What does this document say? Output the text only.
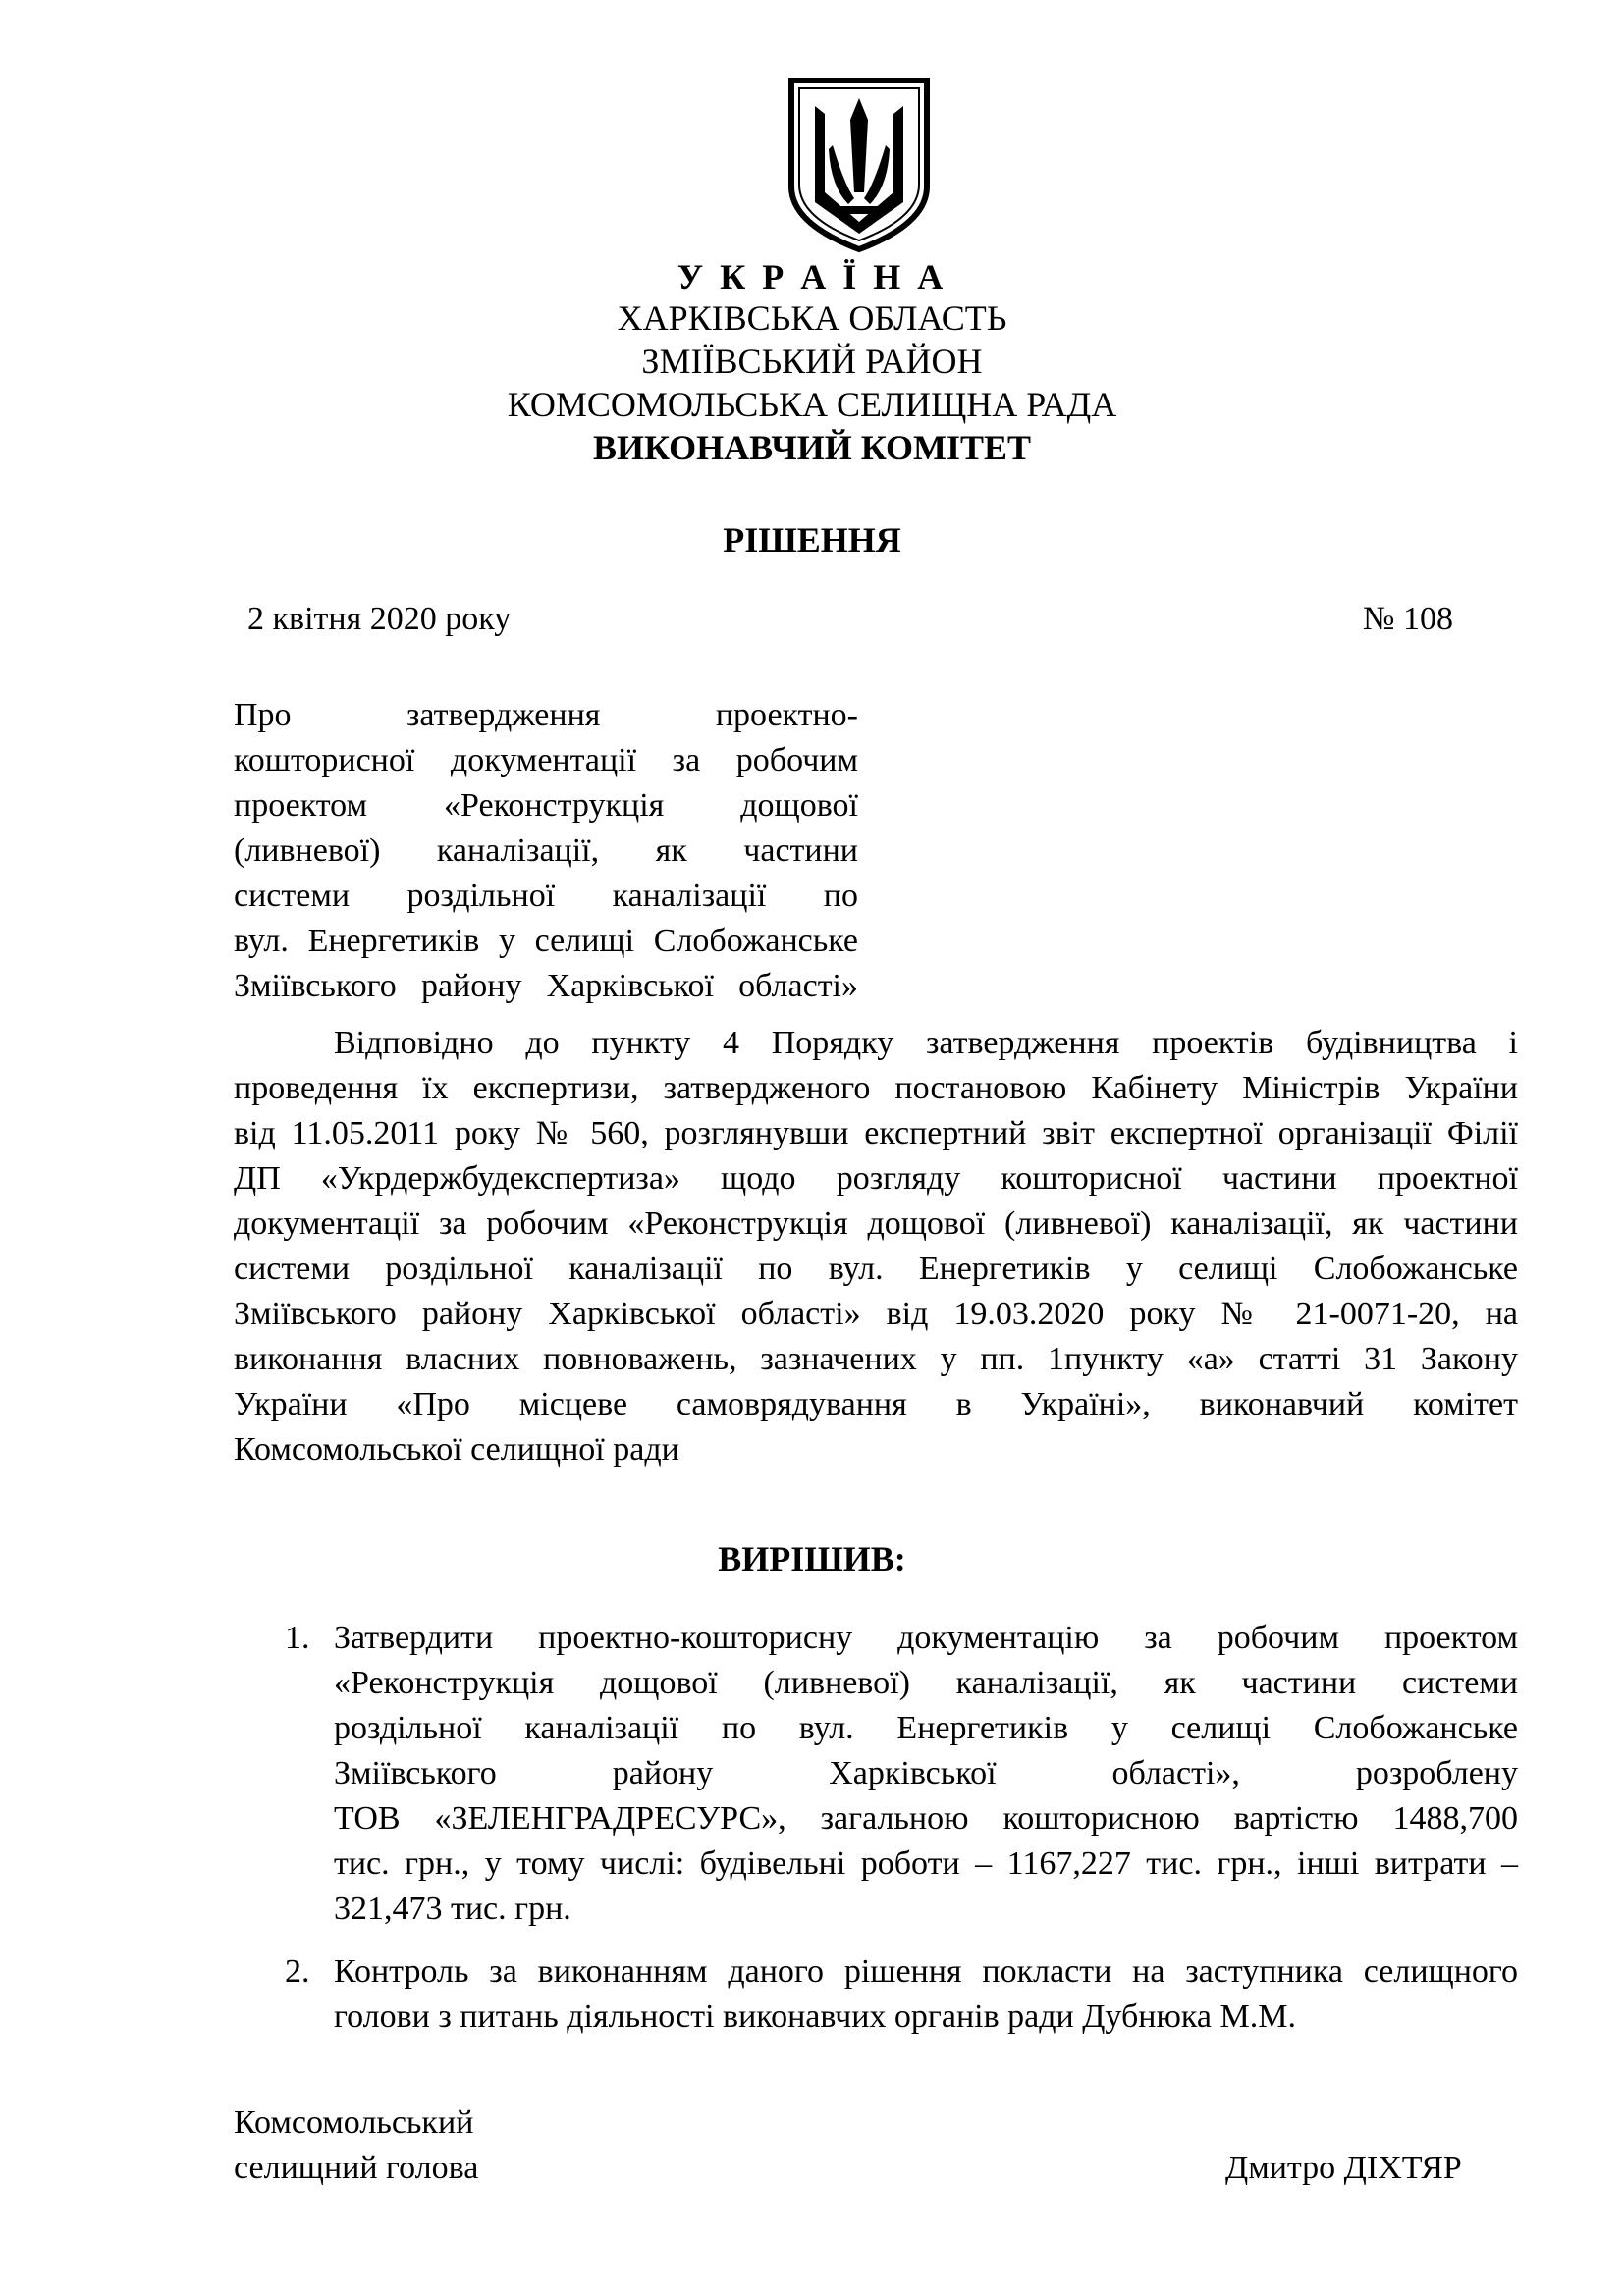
У К Р А Ї Н А
ХАРКІВСЬКА ОБЛАСТЬ
ЗМІЇВСЬКИЙ РАЙОН
КОМСОМОЛЬСЬКА СЕЛИЩНА РАДА
ВИКОНАВЧИЙ КОМІТЕТ
РІШЕННЯ
2 квітня 2020 року	№ 108
Про затвердження проектно-
кошторисної документації за робочим
проектом «Реконструкція дощової
(ливневої) каналізації, як частини
системи роздільної каналізації по
вул. Енергетиків у селищі Слобожанське
Зміївського району Харківської області»
Відповідно до пункту 4 Порядку затвердження проектів будівництва і
проведення їх експертизи, затвердженого постановою Кабінету Міністрів України
від 11.05.2011 року № 560, розглянувши експертний звіт експертної організації Філії
ДП «Укрдержбудекспертиза» щодо розгляду кошторисної частини проектної
документації за робочим «Реконструкція дощової (ливневої) каналізації, як частини
системи роздільної каналізації по вул. Енергетиків у селищі Слобожанське
Зміївського району Харківської області» від 19.03.2020 року № 21-0071-20, на
виконання власних повноважень, зазначених у пп. 1пункту «а» статті 31 Закону
України «Про місцеве самоврядування в Україні», виконавчий комітет
Комсомольської селищної ради
ВИРІШИВ:
1. Затвердити проектно-кошторисну документацію за робочим проектом
«Реконструкція дощової (ливневої) каналізації, як частини системи
роздільної каналізації по вул. Енергетиків у селищі Слобожанське
Зміївського району Харківської області», розроблену
ТОВ «ЗЕЛЕНГРАДРЕСУРС», загальною кошторисною вартістю 1488,700
тис. грн., у тому числі: будівельні роботи – 1167,227 тис. грн., інші витрати –
321,473 тис. грн.
2. Контроль за виконанням даного рішення покласти на заступника селищного
голови з питань діяльності виконавчих органів ради Дубнюка М.М.
Комсомольський
селищний голова	Дмитро ДІХТЯР
